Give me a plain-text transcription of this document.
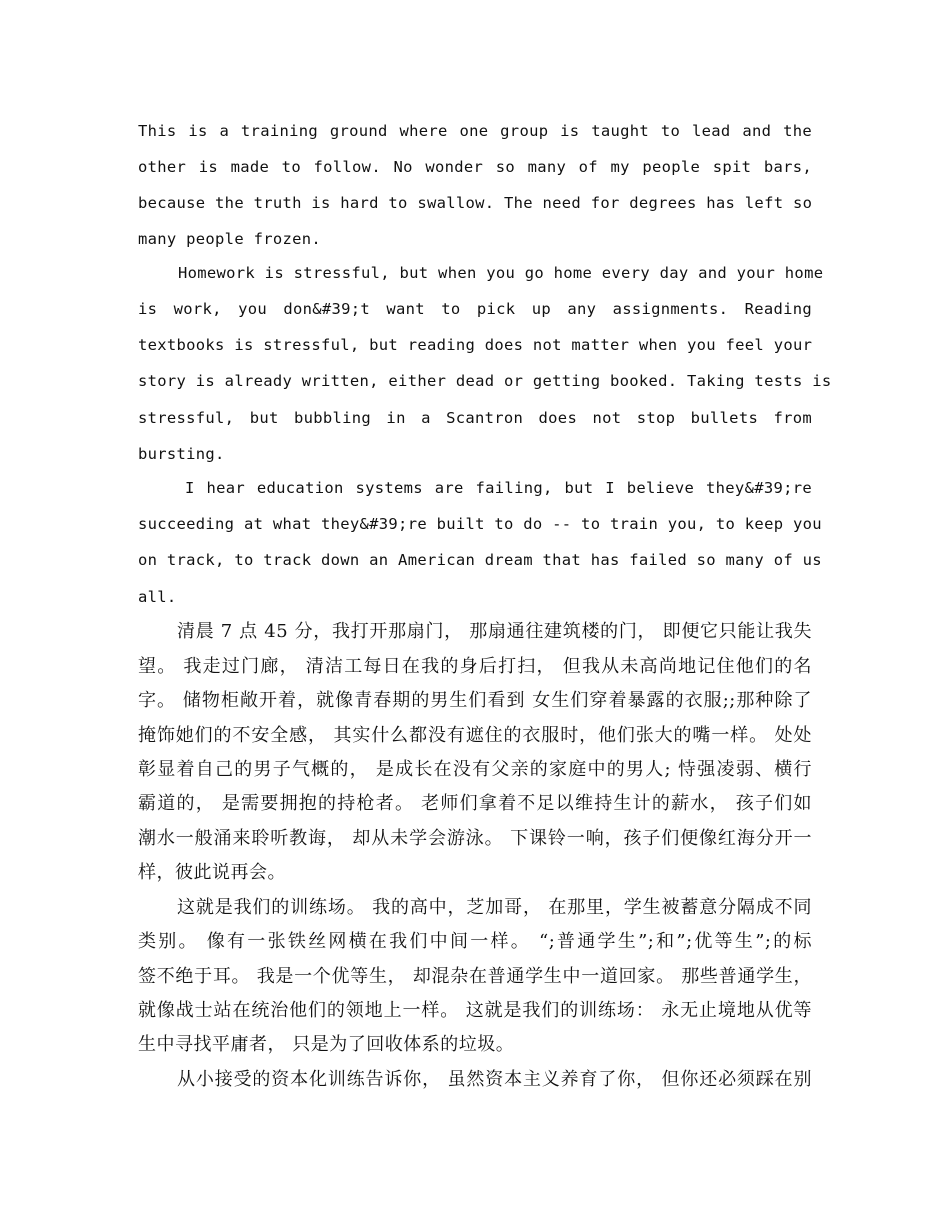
This is a training ground where one group is taught to lead and the
other is made to follow. No wonder so many of my people spit bars,
because the truth is hard to swallow. The need for degrees has left so
many people frozen.
Homework is stressful, but when you go home every day and your home
is work, you don&#39;t want to pick up any assignments. Reading
textbooks is stressful, but reading does not matter when you feel your
story is already written, either dead or getting booked. Taking tests is
stressful, but bubbling in a Scantron does not stop bullets from
bursting.
I hear education systems are failing, but I believe they&#39;re
succeeding at what they&#39;re built to do -- to train you, to keep you
on track, to track down an American dream that has failed so many of us
all.
清晨 7 点 45 分，我打开那扇门， 那扇通往建筑楼的门， 即便它只能让我失
望。 我走过门廊， 清洁工每日在我的身后打扫， 但我从未高尚地记住他们的名
字。 储物柜敞开着，就像青春期的男生们看到 女生们穿着暴露的衣服;;那种除了
掩饰她们的不安全感， 其实什么都没有遮住的衣服时，他们张大的嘴一样。 处处
彰显着自己的男子气概的， 是成长在没有父亲的家庭中的男人; 恃强凌弱、横行
霸道的， 是需要拥抱的持枪者。 老师们拿着不足以维持生计的薪水， 孩子们如
潮水一般涌来聆听教诲， 却从未学会游泳。 下课铃一响，孩子们便像红海分开一
样，彼此说再会。
这就是我们的训练场。 我的高中，芝加哥， 在那里，学生被蓄意分隔成不同
类别。 像有一张铁丝网横在我们中间一样。 “;普通学生”;和”;优等生”;的标
签不绝于耳。 我是一个优等生， 却混杂在普通学生中一道回家。 那些普通学生，
就像战士站在统治他们的领地上一样。 这就是我们的训练场： 永无止境地从优等
生中寻找平庸者， 只是为了回收体系的垃圾。
从小接受的资本化训练告诉你， 虽然资本主义养育了你， 但你还必须踩在别
